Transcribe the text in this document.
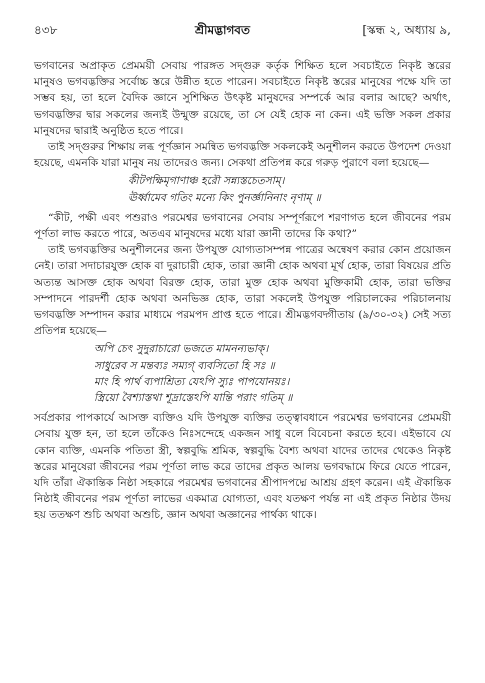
৪৩৮	শ্রীমদ্ভাগবত	[স্কন্ধ ২, অধ্যায় ৯,

ভগবানের অপ্রাকৃত প্রেমময়ী সেবায় পারঙ্গত সদ্গুরু কর্তৃক শিক্ষিত হলে সবচাইতে নিকৃষ্ট স্তরের মানুষও ভগবদ্ভক্তির সর্বোচ্চ স্তরে উন্নীত হতে পারেন। সবচাইতে নিকৃষ্ট স্তরের মানুষের পক্ষে যদি তা সম্ভব হয়, তা হলে বৈদিক জ্ঞানে সুশিক্ষিত উৎকৃষ্ট মানুষদের সম্পর্কে আর বলার আছে? অর্থাৎ, ভগবদ্ভক্তির দ্বার সকলের জন্যই উন্মুক্ত রয়েছে, তা সে যেই হোক না কেন। এই ভক্তি সকল প্রকার মানুষদের দ্বারাই অনুষ্ঠিত হতে পারে।

তাই সদ্গুরুর শিক্ষায় লব্ধ পূর্ণজ্ঞান সমন্বিত ভগবদ্ভক্তি সকলকেই অনুশীলন করতে উপদেশ দেওয়া হয়েছে, এমনকি যারা মানুষ নয় তাদেরও জন্য। সেকথা প্রতিপন্ন করে গরুড় পুরাণে বলা হয়েছে—

কীটপক্ষিমৃগাণাঞ্চ হরৌ সন্ন্যস্তচেতসাম্।
ঊর্ধ্বামেব গতিং মন্যে কিং পুনর্জ্ঞানিনাং নৃণাম্ ॥

“কীট, পক্ষী এবং পশুরাও পরমেশ্বর ভগবানের সেবায় সম্পূর্ণরূপে শরণাগত হলে জীবনের পরম পূর্ণতা লাভ করতে পারে, অতএব মানুষদের মধ্যে যারা জ্ঞানী তাদের কি কথা?”

তাই ভগবদ্ভক্তির অনুশীলনের জন্য উপযুক্ত যোগ্যতাসম্পন্ন পাত্রের অন্বেষণ করার কোন প্রয়োজন নেই। তারা সদাচারযুক্ত হোক বা দুরাচারী হোক, তারা জ্ঞানী হোক অথবা মূর্খ হোক, তারা বিষয়ের প্রতি অত্যন্ত আসক্ত হোক অথবা বিরক্ত হোক, তারা মুক্ত হোক অথবা মুক্তিকামী হোক, তারা ভক্তির সম্পাদনে পারদর্শী হোক অথবা অনভিজ্ঞ হোক, তারা সকলেই উপযুক্ত পরিচালকের পরিচালনায় ভগবদ্ভক্তি সম্পাদন করার মাধ্যমে পরমপদ প্রাপ্ত হতে পারে। শ্রীমদ্ভগবদ্গীতায় (৯/৩০-৩২) সেই সত্য প্রতিপন্ন হয়েছে—

অপি চেৎ সুদুরাচারো ভজতে মামনন্যভাক্।
সাধুরেব স মন্তব্যঃ সম্যগ্ ব্যবসিতো হি সঃ ॥
মাং হি পার্থ ব্যপাশ্রিত্য যেঽপি স্যুঃ পাপযোনয়ঃ।
স্ত্রিয়ো বৈশ্যাস্তথা শূদ্রাস্তেঽপি যান্তি পরাং গতিম্ ॥

সর্বপ্রকার পাপকার্যে আসক্ত ব্যক্তিও যদি উপযুক্ত ব্যক্তির তত্ত্বাবধানে পরমেশ্বর ভগবানের প্রেমময়ী সেবায় যুক্ত হন, তা হলে তাঁকেও নিঃসন্দেহে একজন সাধু বলে বিবেচনা করতে হবে। এইভাবে যে কোন ব্যক্তি, এমনকি পতিতা স্ত্রী, স্বল্পবুদ্ধি শ্রমিক, স্বল্পবুদ্ধি বৈশ্য অথবা যাদের তাদের থেকেও নিকৃষ্ট স্তরের মানুষেরা জীবনের পরম পূর্ণতা লাভ করে তাদের প্রকৃত আলয় ভগবদ্ধামে ফিরে যেতে পারেন, যদি তাঁরা ঐকান্তিক নিষ্ঠা সহকারে পরমেশ্বর ভগবানের শ্রীপাদপদ্মে আশ্রয় গ্রহণ করেন। এই ঐকান্তিক নিষ্ঠাই জীবনের পরম পূর্ণতা লাভের একমাত্র যোগ্যতা, এবং যতক্ষণ পর্যন্ত না এই প্রকৃত নিষ্ঠার উদয় হয় ততক্ষণ শুচি অথবা অশুচি, জ্ঞান অথবা অজ্ঞানের পার্থক্য থাকে।
